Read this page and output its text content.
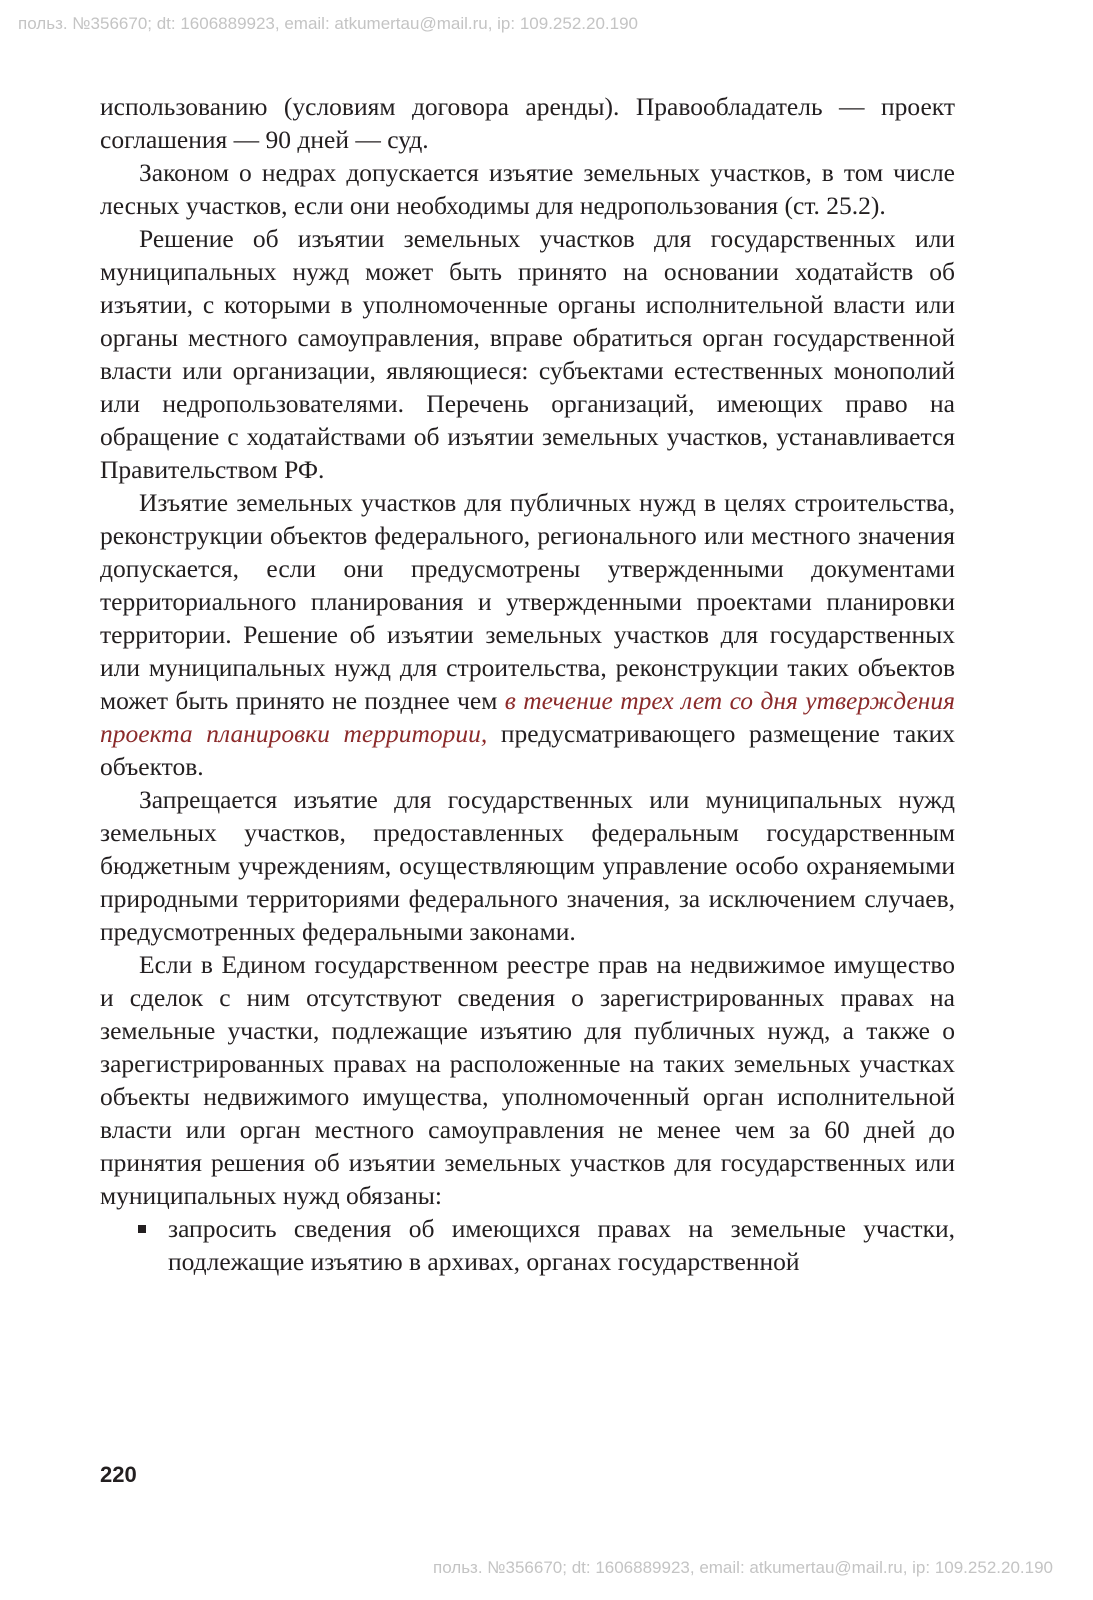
польз. №356670; dt: 1606889923, email: atkumertau@mail.ru, ip: 109.252.20.190

использованию (условиям договора аренды). Правообладатель — проект соглашения — 90 дней — суд.

Законом о недрах допускается изъятие земельных участков, в том числе лесных участков, если они необходимы для недропользования (ст. 25.2).

Решение об изъятии земельных участков для государственных или муниципальных нужд может быть принято на основании ходатайств об изъятии, с которыми в уполномоченные органы исполнительной власти или органы местного самоуправления, вправе обратиться орган государственной власти или организации, являющиеся: субъектами естественных монополий или недропользователями. Перечень организаций, имеющих право на обращение с ходатайствами об изъятии земельных участков, устанавливается Правительством РФ.

Изъятие земельных участков для публичных нужд в целях строительства, реконструкции объектов федерального, регионального или местного значения допускается, если они предусмотрены утвержденными документами территориального планирования и утвержденными проектами планировки территории. Решение об изъятии земельных участков для государственных или муниципальных нужд для строительства, реконструкции таких объектов может быть принято не позднее чем в течение трех лет со дня утверждения проекта планировки территории, предусматривающего размещение таких объектов.

Запрещается изъятие для государственных или муниципальных нужд земельных участков, предоставленных федеральным государственным бюджетным учреждениям, осуществляющим управление особо охраняемыми природными территориями федерального значения, за исключением случаев, предусмотренных федеральными законами.

Если в Едином государственном реестре прав на недвижимое имущество и сделок с ним отсутствуют сведения о зарегистрированных правах на земельные участки, подлежащие изъятию для публичных нужд, а также о зарегистрированных правах на расположенные на таких земельных участках объекты недвижимого имущества, уполномоченный орган исполнительной власти или орган местного самоуправления не менее чем за 60 дней до принятия решения об изъятии земельных участков для государственных или муниципальных нужд обязаны:

запросить сведения об имеющихся правах на земельные участки, подлежащие изъятию в архивах, органах государственной
220
польз. №356670; dt: 1606889923, email: atkumertau@mail.ru, ip: 109.252.20.190
